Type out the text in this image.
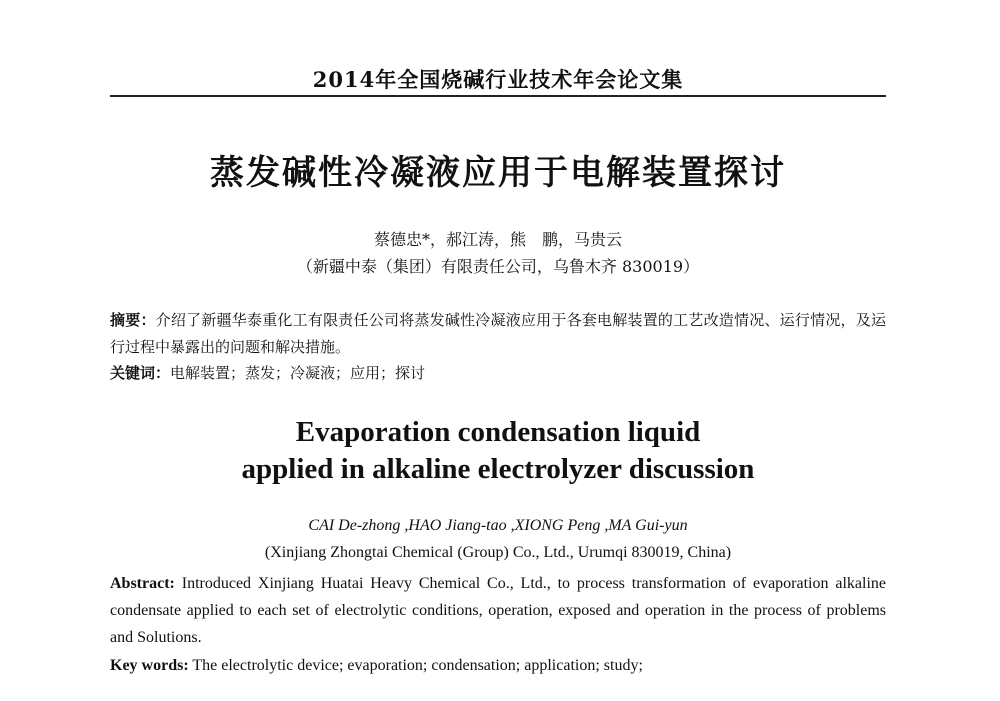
2014年全国烧碱行业技术年会论文集
蒸发碱性冷凝液应用于电解装置探讨
蔡德忠*，郝江涛，熊　鹏，马贵云
（新疆中泰（集团）有限责任公司，乌鲁木齐 830019）
摘要：介绍了新疆华泰重化工有限责任公司将蒸发碱性冷凝液应用于各套电解装置的工艺改造情况、运行情况，及运行过程中暴露出的问题和解决措施。
关键词：电解装置；蒸发；冷凝液；应用；探讨
Evaporation condensation liquid
applied in alkaline electrolyzer discussion
CAI De-zhong ,HAO Jiang-tao ,XIONG Peng ,MA Gui-yun
(Xinjiang Zhongtai Chemical (Group) Co., Ltd., Urumqi 830019, China)
Abstract: Introduced Xinjiang Huatai Heavy Chemical Co., Ltd., to process transformation of evaporation alkaline condensate applied to each set of electrolytic conditions, operation, exposed and operation in the process of problems and Solutions.
Key words: The electrolytic device; evaporation; condensation; application; study;
